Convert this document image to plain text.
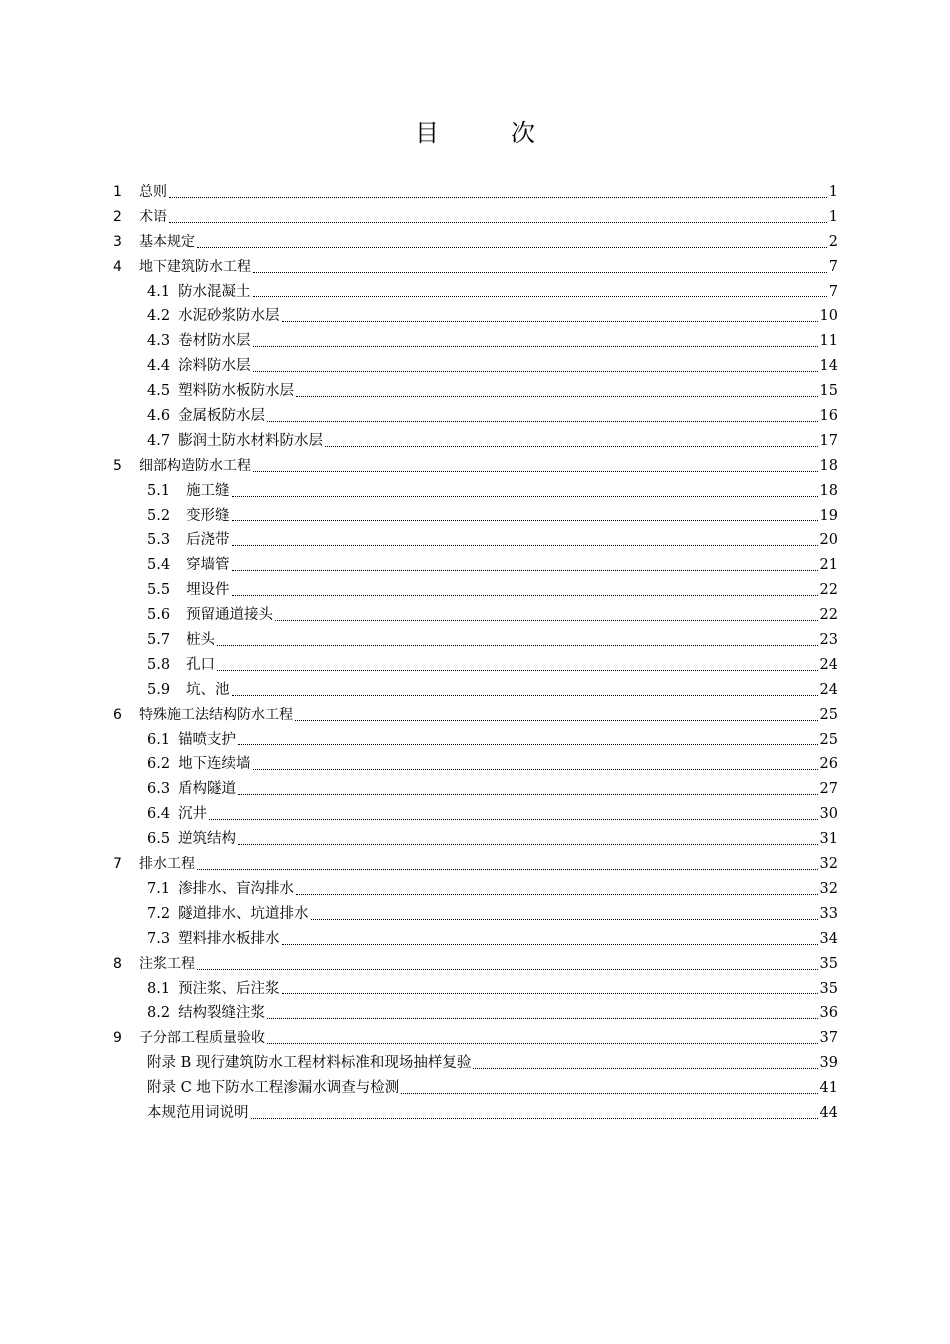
目　次
1	总则	1
2	术语	1
3	基本规定	2
4	地下建筑防水工程	7
4.1 防水混凝土	7
4.2 水泥砂浆防水层	10
4.3 卷材防水层	11
4.4 涂料防水层	14
4.5 塑料防水板防水层	15
4.6 金属板防水层	16
4.7 膨润土防水材料防水层	17
5	细部构造防水工程	18
5.1 施工缝	18
5.2 变形缝	19
5.3 后浇带	20
5.4 穿墙管	21
5.5 埋设件	22
5.6 预留通道接头	22
5.7 桩头	23
5.8 孔口	24
5.9 坑、池	24
6	特殊施工法结构防水工程	25
6.1 锚喷支护	25
6.2 地下连续墙	26
6.3 盾构隧道	27
6.4 沉井	30
6.5 逆筑结构	31
7	排水工程	32
7.1 渗排水、盲沟排水	32
7.2 隧道排水、坑道排水	33
7.3 塑料排水板排水	34
8	注浆工程	35
8.1 预注浆、后注浆	35
8.2 结构裂缝注浆	36
9	子分部工程质量验收	37
附录 B 现行建筑防水工程材料标准和现场抽样复验	39
附录 C 地下防水工程渗漏水调查与检测	41
本规范用词说明	44
